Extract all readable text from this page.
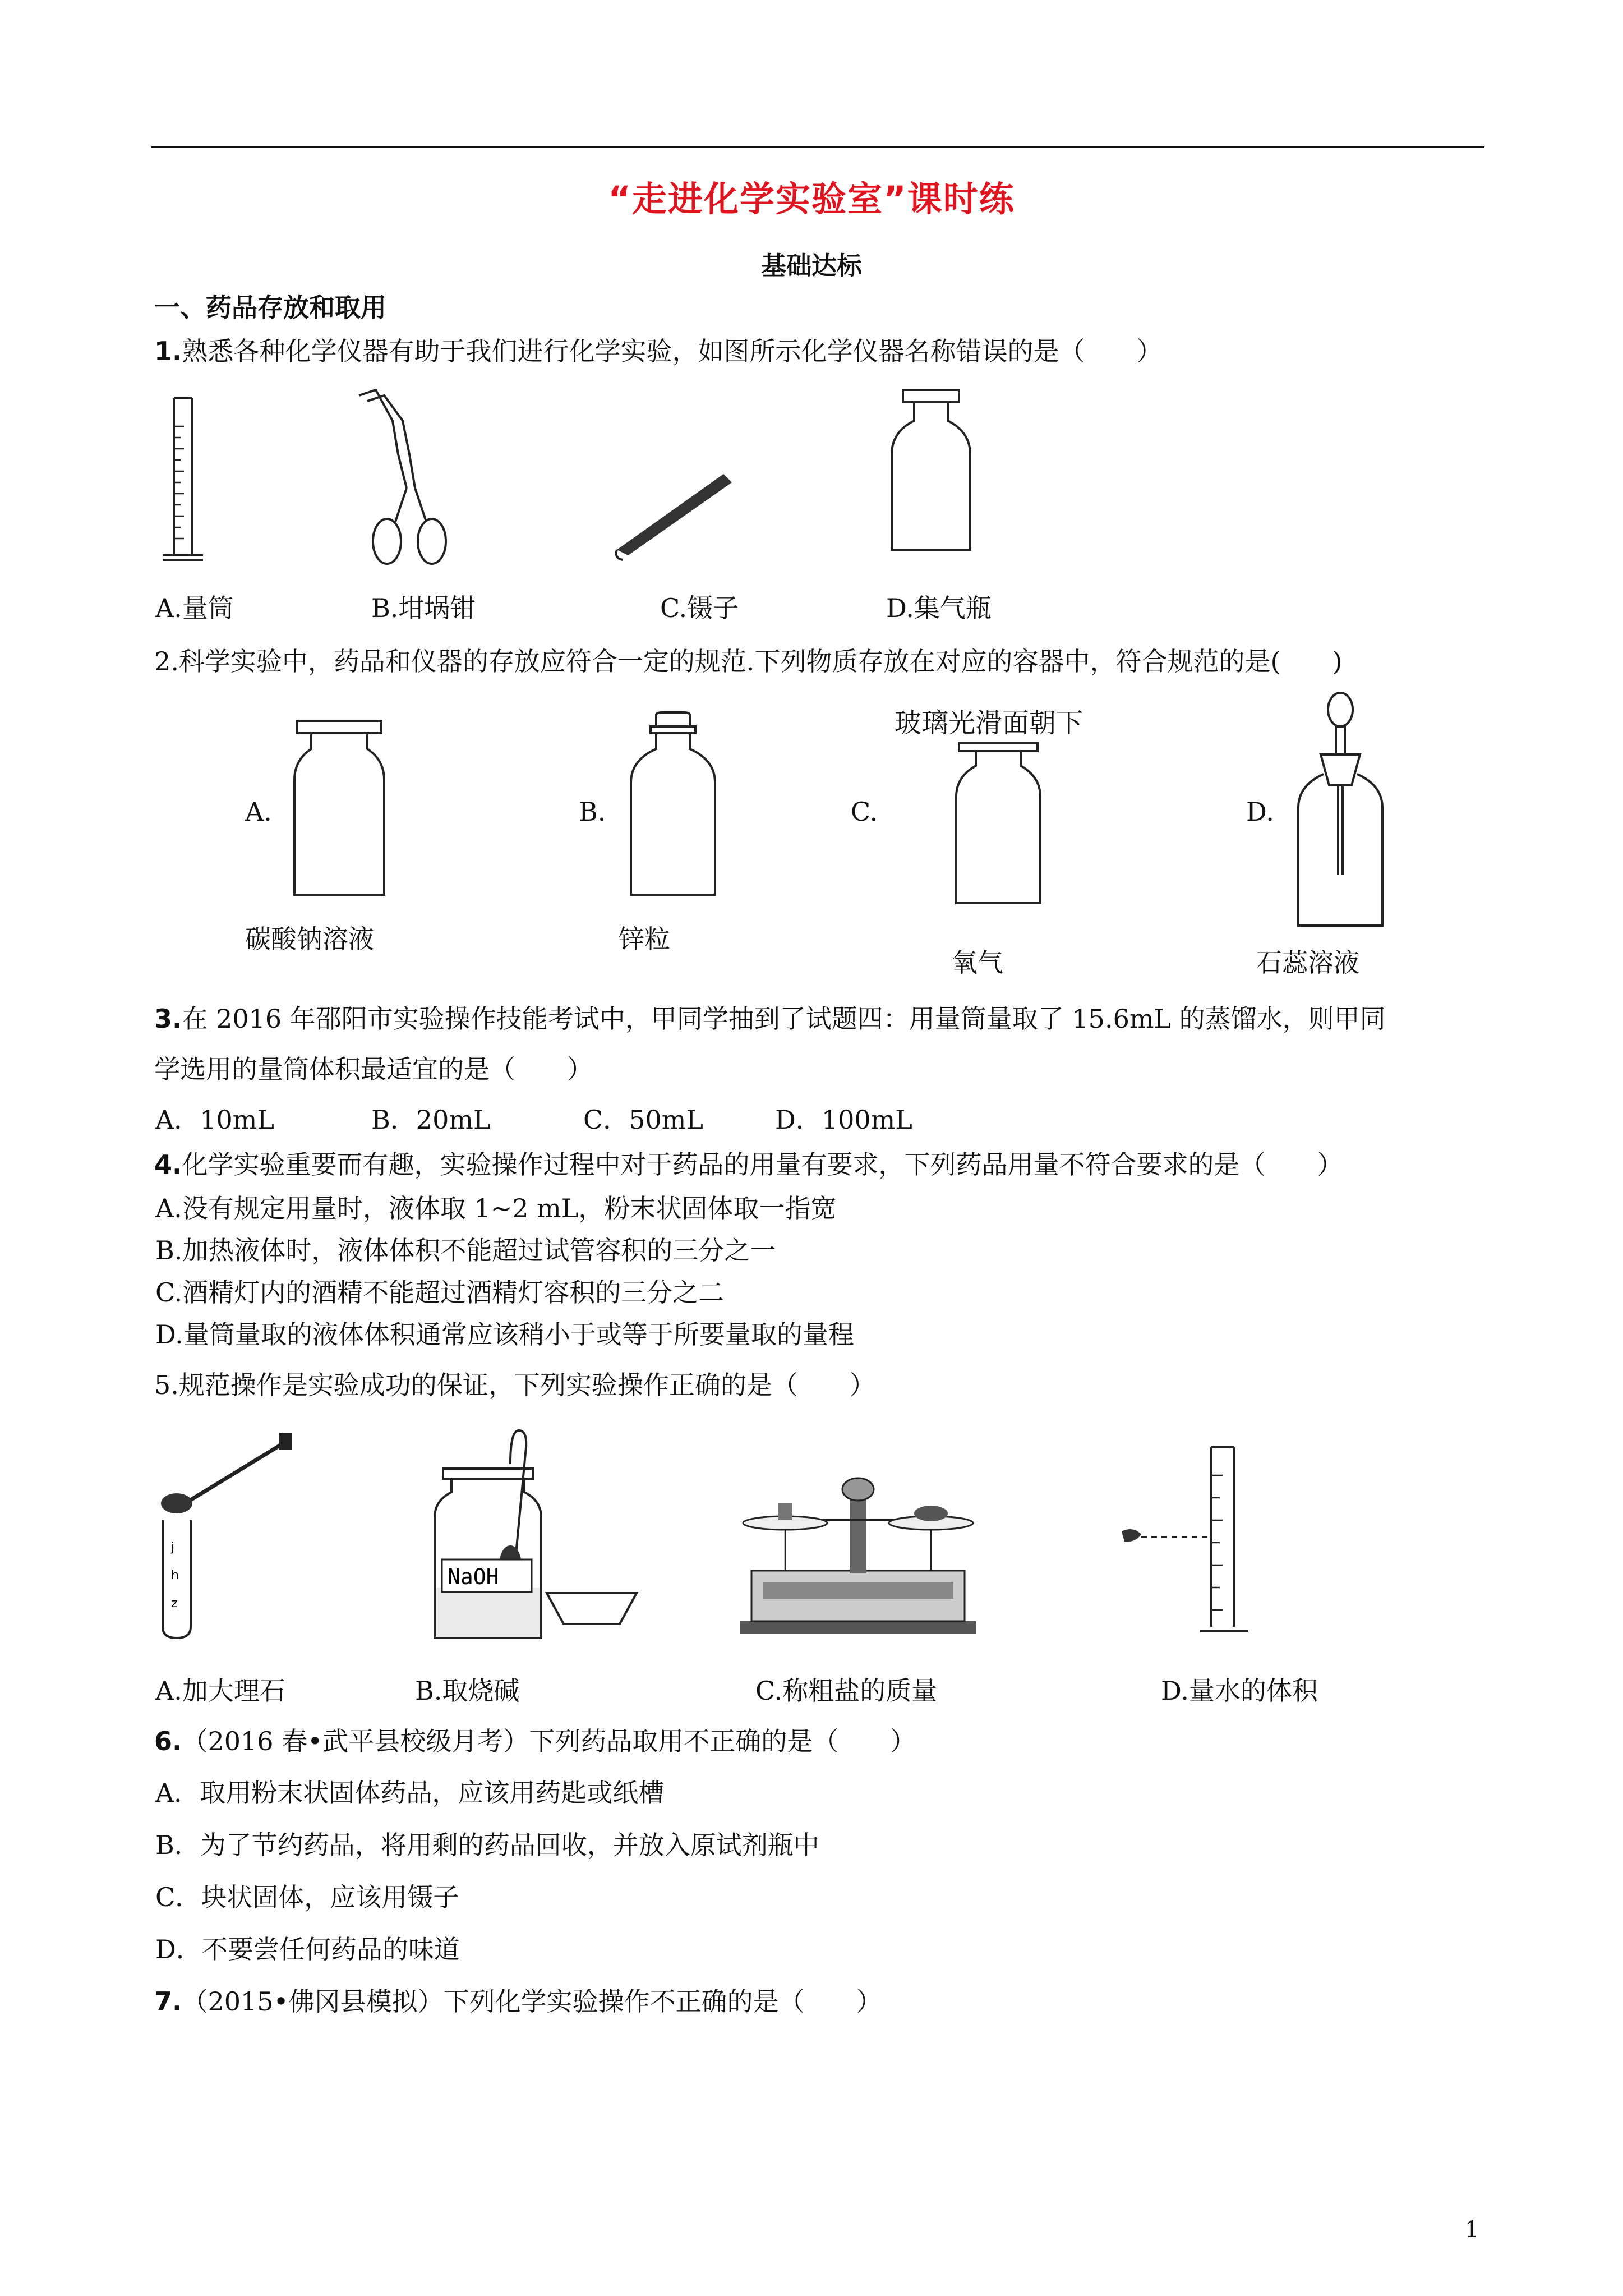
“走进化学实验室”课时练
基础达标
一、药品存放和取用
1.熟悉各种化学仪器有助于我们进行化学实验，如图所示化学仪器名称错误的是（　　）
A.量筒	B.坩埚钳	C.镊子	D.集气瓶
2.科学实验中，药品和仪器的存放应符合一定的规范.下列物质存放在对应的容器中，符合规范的是(　　)
A.	B.	C.	D.
玻璃光滑面朝下
碳酸钠溶液	锌粒
氧气	石蕊溶液
3.在 2016 年邵阳市实验操作技能考试中，甲同学抽到了试题四：用量筒量取了 15.6mL 的蒸馏水，则甲同
学选用的量筒体积最适宜的是（　　）
A．10mL	B．20mL	C．50mL	D．100mL
4.化学实验重要而有趣，实验操作过程中对于药品的用量有要求，下列药品用量不符合要求的是（　　）
A.没有规定用量时，液体取 1~2 mL，粉末状固体取一指宽
B.加热液体时，液体体积不能超过试管容积的三分之一
C.酒精灯内的酒精不能超过酒精灯容积的三分之二
D.量筒量取的液体体积通常应该稍小于或等于所要量取的量程
5.规范操作是实验成功的保证，下列实验操作正确的是（　　）
j
h
z
NaOH
A.加大理石	B.取烧碱	C.称粗盐的质量	D.量水的体积
6.（2016 春•武平县校级月考）下列药品取用不正确的是（　　）
A．取用粉末状固体药品，应该用药匙或纸槽
B．为了节约药品，将用剩的药品回收，并放入原试剂瓶中
C．块状固体，应该用镊子
D．不要尝任何药品的味道
7.（2015•佛冈县模拟）下列化学实验操作不正确的是（　　）
1
